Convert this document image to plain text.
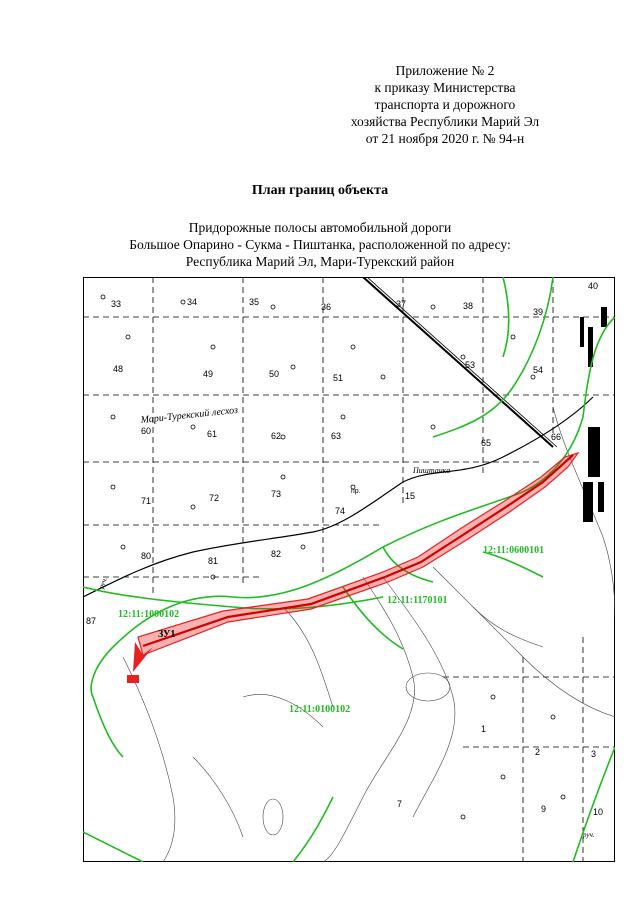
Приложение № 2
к приказу Министерства
транспорта и дорожного
хозяйства Республики Марий Эл
от 21 ноября 2020 г. № 94-н
План границ объекта
Придорожные полосы автомобильной дороги
Большое Опарино - Сукма - Пиштанка, расположенной по адресу:
Республика Марий Эл, Мари-Турекский район
33	34	35	36	37	38
39
40
48	49	50	51
53	54
60	61	62	63
65
66
71	72	73
74
15
80	81
82
87
1
2	3
7	9	10
Мари-Турекский лесхоз
Пиштанка
пр.
руч.
руч.
ЗУ1
12:11:1000102
12:11:0600101
12:11:1170101
12:11:0100102
